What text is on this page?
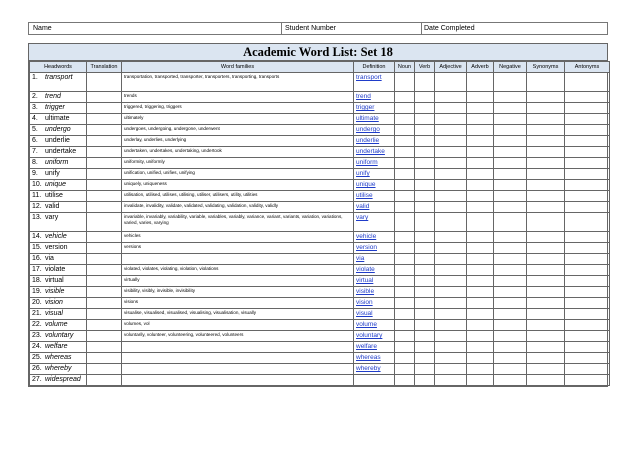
Name	Student Number	Date Completed
Academic Word List: Set 18
Headwords	Translation	Word families	Definition	Noun	Verb	Adjective	Adverb	Negative	Synonyms	Antonyms
1. transport		transportation, transported, transporter, transporters, transporting, transports	transport							
2. trend		trends	trend							
3. trigger		triggered, triggering, triggers	trigger							
4. ultimate		ultimately	ultimate							
5. undergo		undergoes, undergoing, undergone, underwent	undergo							
6. underlie		underlay, underlies, underlying	underlie							
7. undertake		undertaken, undertakes, undertaking, undertook	undertake							
8. uniform		uniformity, uniformly	uniform							
9. unify		unification, unified, unifies, unifying	unify							
10. unique		uniquely, uniqueness	unique							
11. utilise		utilisation, utilised, utilises, utilising, utiliser, utilisers, utility, utilities	utilise							
12. valid		invalidate, invalidity, validate, validated, validating, validation, validity, validly	valid							
13. vary		invariable, invariably, variability, variable, variables, variably, variance, variant, variants, variation, variations, varied, varies, varying	vary							
14. vehicle		vehicles	vehicle							
15. version		versions	version							
16. via			via							
17. violate		violated, violates, violating, violation, violations	violate							
18. virtual		virtually	virtual							
19. visible		visibility, visibly, invisible, invisibility	visible							
20. vision		visions	vision							
21. visual		visualise, visualised, visualised, visualising, visualisation, visually	visual							
22. volume		volumes, vol	volume							
23. voluntary		voluntarily, volunteer, volunteering, volunteered, volunteers	voluntary							
24. welfare			welfare							
25. whereas			whereas							
26. whereby			whereby							
27. widespread										
